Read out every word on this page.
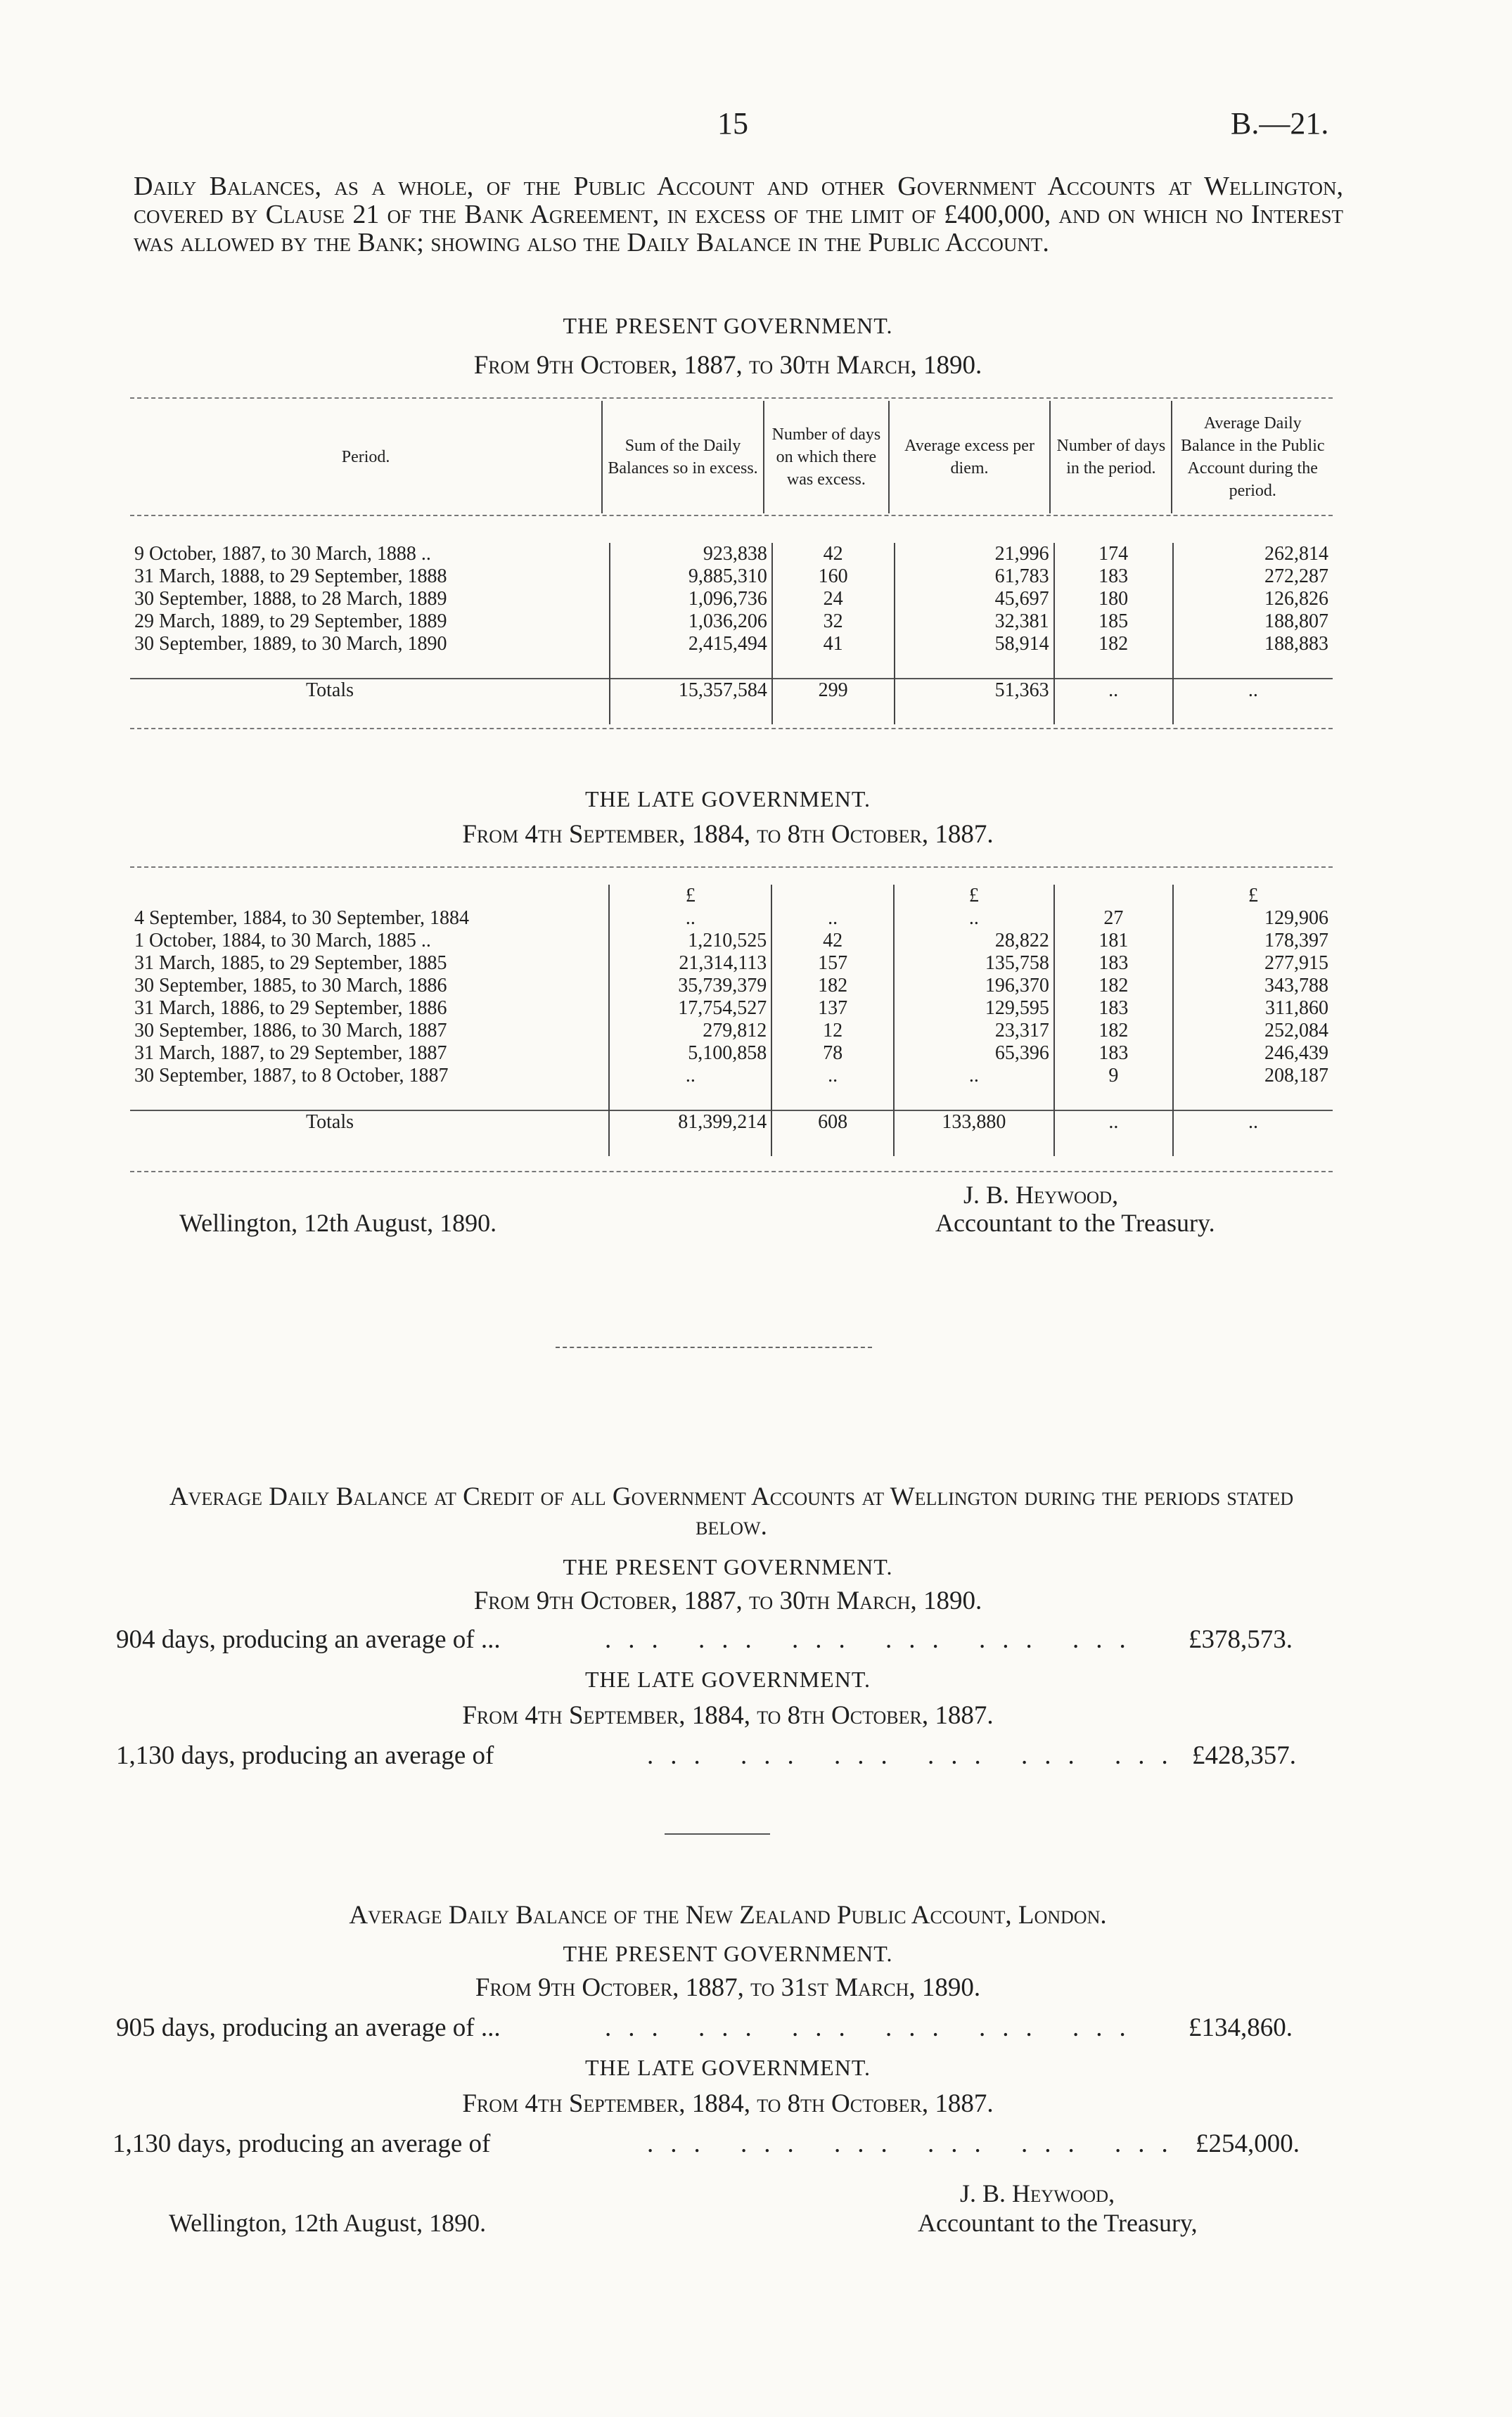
15	B.—21.
Daily Balances, as a whole, of the Public Account and other Government Accounts at Wellington, covered by Clause 21 of the Bank Agreement, in excess of the limit of £400,000, and on which no Interest was allowed by the Bank; showing also the Daily Balance in the Public Account.
THE PRESENT GOVERNMENT.
From 9th October, 1887, to 30th March, 1890.
Period.	Sum of the Daily Balances so in excess.	Number of days on which there was excess.	Average excess per diem.	Number of days in the period.	Average Daily Balance in the Public Account during the period.
9 October, 1887, to 30 March, 1888 ..	923,838	42	21,996	174	262,814
31 March, 1888, to 29 September, 1888	9,885,310	160	61,783	183	272,287
30 September, 1888, to 28 March, 1889	1,096,736	24	45,697	180	126,826
29 March, 1889, to 29 September, 1889	1,036,206	32	32,381	185	188,807
30 September, 1889, to 30 March, 1890	2,415,494	41	58,914	182	188,883

Totals	15,357,584	299	51,363	..	..

THE LATE GOVERNMENT.
From 4th September, 1884, to 8th October, 1887.
	£		£		£
4 September, 1884, to 30 September, 1884	..	..	..	27	129,906
1 October, 1884, to 30 March, 1885 ..	1,210,525	42	28,822	181	178,397
31 March, 1885, to 29 September, 1885	21,314,113	157	135,758	183	277,915
30 September, 1885, to 30 March, 1886	35,739,379	182	196,370	182	343,788
31 March, 1886, to 29 September, 1886	17,754,527	137	129,595	183	311,860
30 September, 1886, to 30 March, 1887	279,812	12	23,317	182	252,084
31 March, 1887, to 29 September, 1887	5,100,858	78	65,396	183	246,439
30 September, 1887, to 8 October, 1887	..	..	..	9	208,187

Totals	81,399,214	608	133,880	..	..

J. B. Heywood,
Accountant to the Treasury.
Wellington, 12th August, 1890.
Average Daily Balance at Credit of all Government Accounts at Wellington during the periods stated below.
THE PRESENT GOVERNMENT.
From 9th October, 1887, to 30th March, 1890.
904 days, producing an average of ...	... ... ... ... ... ... £378,573.
THE LATE GOVERNMENT.
From 4th September, 1884, to 8th October, 1887.
1,130 days, producing an average of	... ... ... ... ... ... £428,357.
Average Daily Balance of the New Zealand Public Account, London.
THE PRESENT GOVERNMENT.
From 9th October, 1887, to 31st March, 1890.
905 days, producing an average of ...	... ... ... ... ... ... £134,860.
THE LATE GOVERNMENT.
From 4th September, 1884, to 8th October, 1887.
1,130 days, producing an average of	... ... ... ... ... ... £254,000.
J. B. Heywood,
Accountant to the Treasury,
Wellington, 12th August, 1890.
